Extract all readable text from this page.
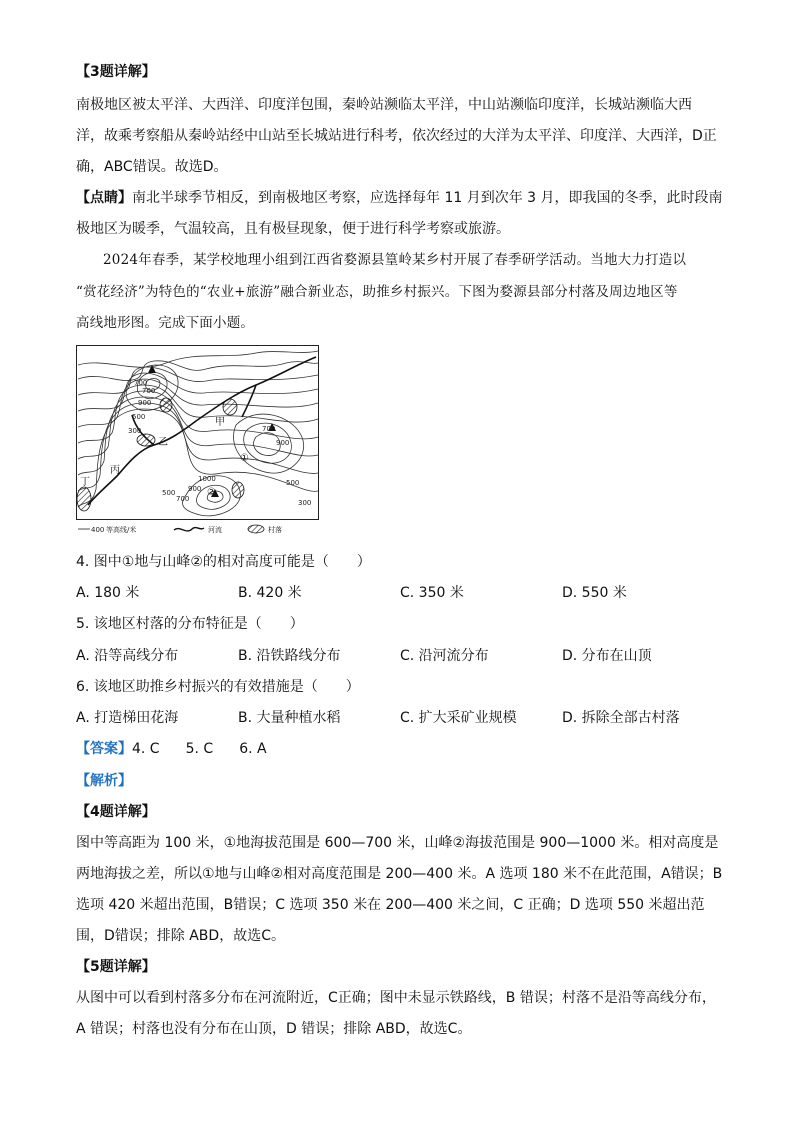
【3题详解】
南极地区被太平洋、大西洋、印度洋包围，秦岭站濒临太平洋，中山站濒临印度洋，长城站濒临大西
洋，故乘考察船从秦岭站经中山站至长城站进行科考，依次经过的大洋为太平洋、印度洋、大西洋，D正
确，ABC错误。故选D。
【点睛】南北半球季节相反，到南极地区考察，应选择每年 11 月到次年 3 月，即我国的冬季，此时段南
极地区为暖季，气温较高，且有极昼现象，便于进行科学考察或旅游。
2024年春季，某学校地理小组到江西省婺源县篁岭某乡村开展了春季研学活动。当地大力打造以
“赏花经济”为特色的“农业+旅游”融合新业态，助推乡村振兴。下图为婺源县部分村落及周边地区等
高线地形图。完成下面小题。
甲
乙
丙
丁
①
②
700
700
900
500
300	700
900
1000
900
700
500
500
300
400 等高线/米	河流	村落
4. 图中①地与山峰②的相对高度可能是（　　）
A. 180 米	B. 420 米	C. 350 米	D. 550 米
5. 该地区村落的分布特征是（　　）
A. 沿等高线分布	B. 沿铁路线分布	C. 沿河流分布	D. 分布在山顶
6. 该地区助推乡村振兴的有效措施是（　　）
A. 打造梯田花海	B. 大量种植水稻	C. 扩大采矿业规模	D. 拆除全部古村落
【答案】4. C 5. C 6. A
【解析】
【4题详解】
图中等高距为 100 米，①地海拔范围是 600—700 米，山峰②海拔范围是 900—1000 米。相对高度是
两地海拔之差，所以①地与山峰②相对高度范围是 200—400 米。A 选项 180 米不在此范围，A错误；B
选项 420 米超出范围，B错误；C 选项 350 米在 200—400 米之间，C 正确；D 选项 550 米超出范
围，D错误；排除 ABD，故选C。
【5题详解】
从图中可以看到村落多分布在河流附近，C正确；图中未显示铁路线，B 错误；村落不是沿等高线分布，
A 错误；村落也没有分布在山顶，D 错误；排除 ABD，故选C。
